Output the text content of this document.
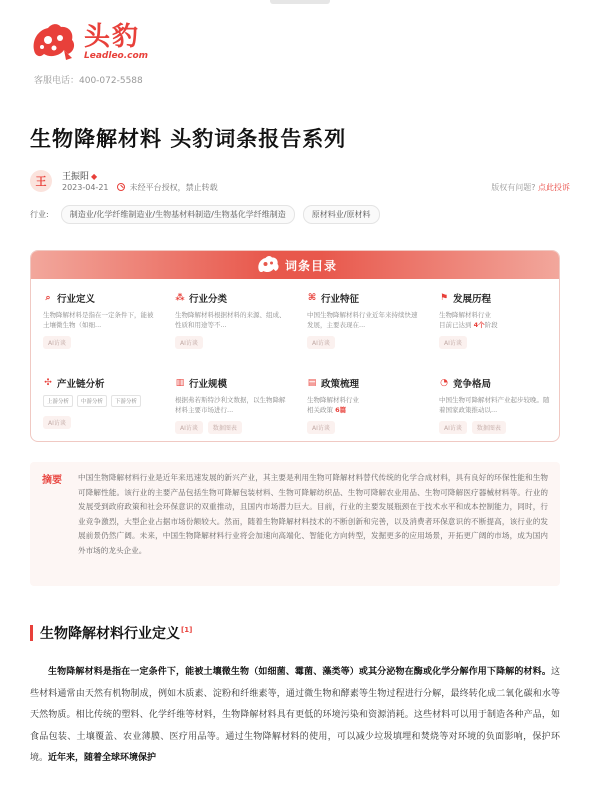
头豹
Leadleo.com
客服电话：400-072-5588
生物降解材料 头豹词条报告系列
王	王振阳 ◆
2023-04-21	未经平台授权，禁止转载	版权有问题? 点此投诉
行业:	制造业/化学纤维制造业/生物基材料制造/生物基化学纤维制造	原材料业/原材料
词条目录
⌕ 行业定义
生物降解材料是指在一定条件下，能被土壤微生物（如细...
AI访谈
⁂ 行业分类
生物降解材料根据材料的来源、组成、性质和用途等不...
AI访谈
⌘ 行业特征
中国生物降解材料行业近年来持续快速发展，主要表现在...
AI访谈
⚑ 发展历程
生物降解材料行业
目前已达到 4个阶段
AI访谈
✣ 产业链分析
上游分析	中游分析	下游分析
AI访谈
▥ 行业规模
根据弗若斯特沙利文数据，以生物降解材料主要市场进行...
AI访谈	数据图表
▤ 政策梳理
生物降解材料行业
相关政策 6篇
AI访谈
◔ 竞争格局
中国生物可降解材料产业起步较晚。随着国家政策推动以...
AI访谈	数据图表
摘要 中国生物降解材料行业是近年来迅速发展的新兴产业，其主要是利用生物可降解材料替代传统的化学合成材料，具有良好的环保性能和生物可降解性能。该行业的主要产品包括生物可降解包装材料、生物可降解纺织品、生物可降解农业用品、生物可降解医疗器械材料等。行业的发展受到政府政策和社会环保意识的双重推动，且国内市场潜力巨大。目前，行业的主要发展瓶颈在于技术水平和成本控制能力，同时，行业竞争激烈，大型企业占据市场份额较大。然而，随着生物降解材料技术的不断创新和完善，以及消费者环保意识的不断提高，该行业的发展前景仍然广阔。未来，中国生物降解材料行业将会加速向高端化、智能化方向转型，发掘更多的应用场景，开拓更广阔的市场，成为国内外市场的龙头企业。

生物降解材料行业定义[1]

生物降解材料是指在一定条件下，能被土壤微生物（如细菌、霉菌、藻类等）或其分泌物在酶或化学分解作用下降解的材料。这些材料通常由天然有机物制成，例如木质素、淀粉和纤维素等，通过微生物和酵素等生物过程进行分解，最终转化成二氧化碳和水等天然物质。相比传统的塑料、化学纤维等材料，生物降解材料具有更低的环境污染和资源消耗。这些材料可以用于制造各种产品，如食品包装、土壤覆盖、农业薄膜、医疗用品等。通过生物降解材料的使用，可以减少垃圾填埋和焚烧等对环境的负面影响，保护环境。近年来，随着全球环境保护
